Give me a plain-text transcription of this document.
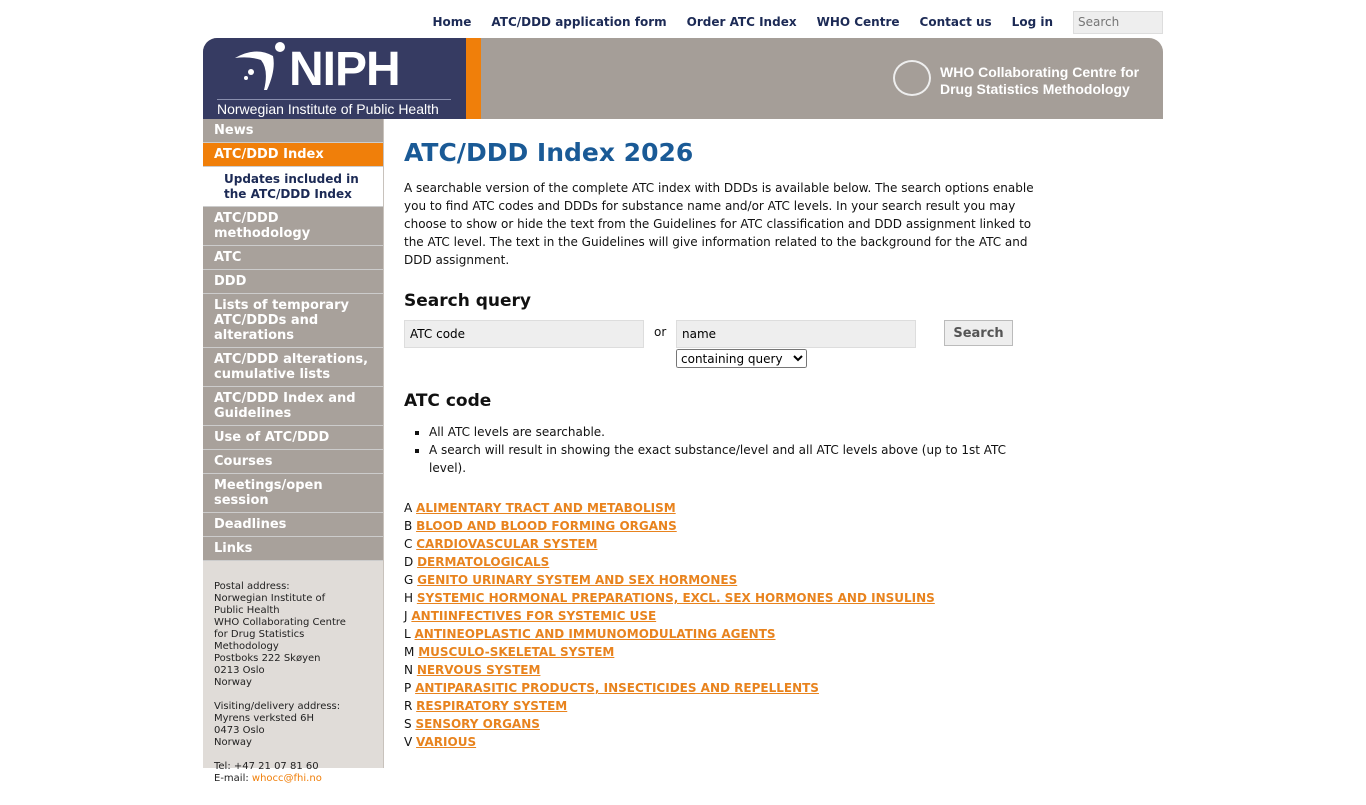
Home ATC/DDD application form Order ATC Index WHO Centre Contact us Log in
Search
NIPH
Norwegian Institute of Public Health
WHO Collaborating Centre for
Drug Statistics Methodology
News
ATC/DDD Index
Updates included in the ATC/DDD Index
ATC/DDD methodology
ATC
DDD
Lists of temporary ATC/DDDs and alterations
ATC/DDD alterations, cumulative lists
ATC/DDD Index and Guidelines
Use of ATC/DDD
Courses
Meetings/open session
Deadlines
Links
Postal address:
Norwegian Institute of
Public Health
WHO Collaborating Centre
for Drug Statistics
Methodology
Postboks 222 Skøyen
0213 Oslo
Norway

Visiting/delivery address:
Myrens verksted 6H
0473 Oslo
Norway

Tel: +47 21 07 81 60
E-mail: whocc@fhi.no
ATC/DDD Index 2026

A searchable version of the complete ATC index with DDDs is available below. The search options enable you to find ATC codes and DDDs for substance name and/or ATC levels. In your search result you may choose to show or hide the text from the Guidelines for ATC classification and DDD assignment linked to the ATC level. The text in the Guidelines will give information related to the background for the ATC and DDD assignment.

Search query
ATC code
or
name
containing query	Search
ATC code
▪ All ATC levels are searchable.
▪ A search will result in showing the exact substance/level and all ATC levels above (up to 1st ATC level).
A ALIMENTARY TRACT AND METABOLISM
B BLOOD AND BLOOD FORMING ORGANS
C CARDIOVASCULAR SYSTEM
D DERMATOLOGICALS
G GENITO URINARY SYSTEM AND SEX HORMONES
H SYSTEMIC HORMONAL PREPARATIONS, EXCL. SEX HORMONES AND INSULINS
J ANTIINFECTIVES FOR SYSTEMIC USE
L ANTINEOPLASTIC AND IMMUNOMODULATING AGENTS
M MUSCULO-SKELETAL SYSTEM
N NERVOUS SYSTEM
P ANTIPARASITIC PRODUCTS, INSECTICIDES AND REPELLENTS
R RESPIRATORY SYSTEM
S SENSORY ORGANS
V VARIOUS
